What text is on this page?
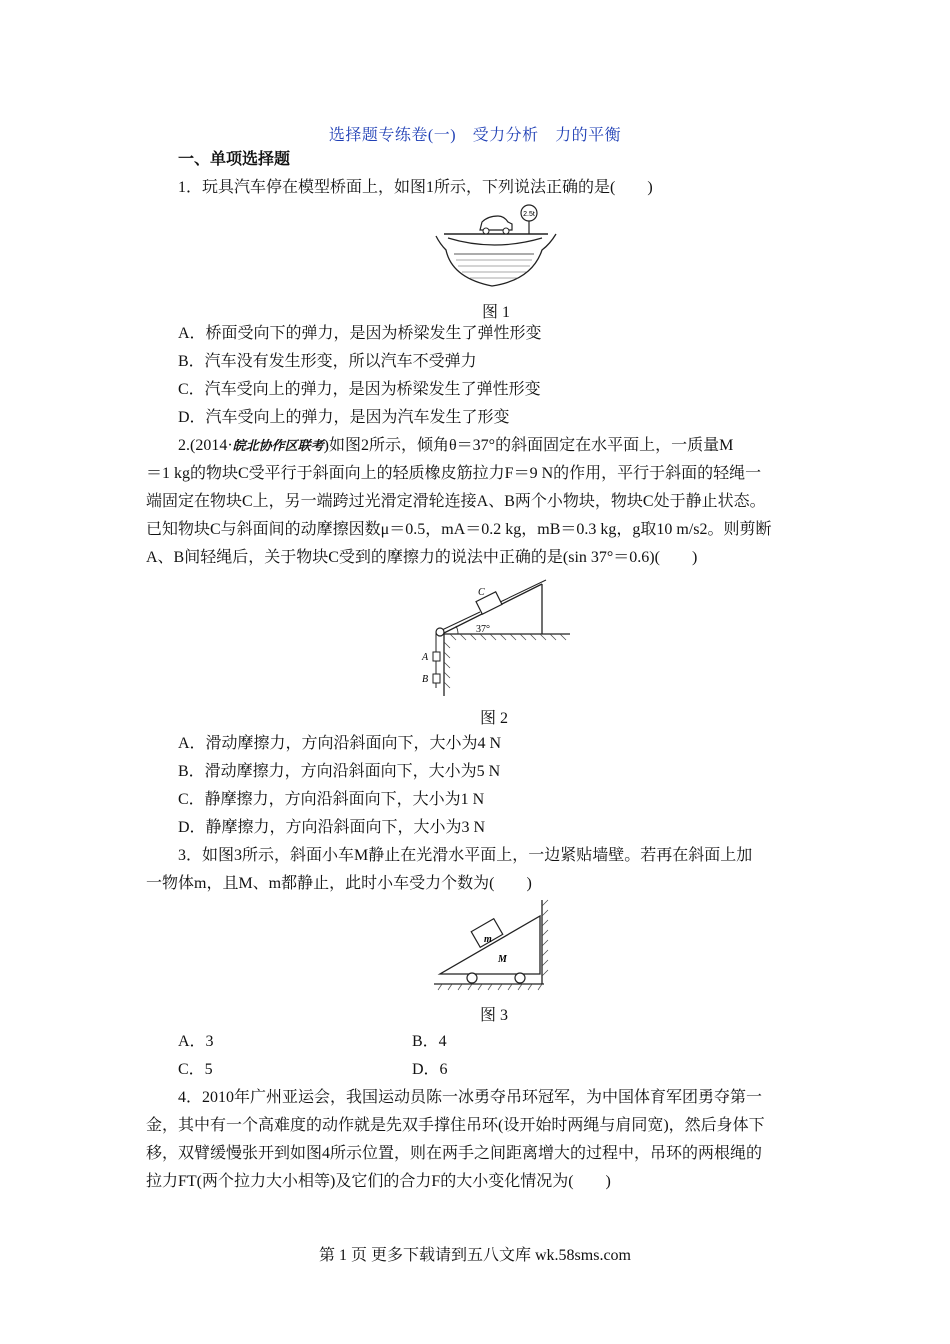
选择题专练卷(一)　受力分析　力的平衡
一、单项选择题
1．玩具汽车停在模型桥面上，如图1所示，下列说法正确的是(　　)
2.5t
图 1
A．桥面受向下的弹力，是因为桥梁发生了弹性形变
B．汽车没有发生形变，所以汽车不受弹力
C．汽车受向上的弹力，是因为桥梁发生了弹性形变
D．汽车受向上的弹力，是因为汽车发生了形变
2.(2014·皖北协作区联考)如图2所示，倾角θ＝37°的斜面固定在水平面上，一质量M
＝1 kg的物块C受平行于斜面向上的轻质橡皮筋拉力F＝9 N的作用，平行于斜面的轻绳一
端固定在物块C上，另一端跨过光滑定滑轮连接A、B两个小物块，物块C处于静止状态。
已知物块C与斜面间的动摩擦因数μ＝0.5，mA＝0.2 kg，mB＝0.3 kg，g取10 m/s2。则剪断
A、B间轻绳后，关于物块C受到的摩擦力的说法中正确的是(sin 37°＝0.6)(　　)
C
37°
A
B
图 2
A．滑动摩擦力，方向沿斜面向下，大小为4 N
B．滑动摩擦力，方向沿斜面向下，大小为5 N
C．静摩擦力，方向沿斜面向下，大小为1 N
D．静摩擦力，方向沿斜面向下，大小为3 N
3．如图3所示，斜面小车M静止在光滑水平面上，一边紧贴墙壁。若再在斜面上加
一物体m，且M、m都静止，此时小车受力个数为(　　)
m
M
图 3
A．3	B．4
C．5	D．6
4．2010年广州亚运会，我国运动员陈一冰勇夺吊环冠军，为中国体育军团勇夺第一
金，其中有一个高难度的动作就是先双手撑住吊环(设开始时两绳与肩同宽)，然后身体下
移，双臂缓慢张开到如图4所示位置，则在两手之间距离增大的过程中，吊环的两根绳的
拉力FT(两个拉力大小相等)及它们的合力F的大小变化情况为(　　)
第 1 页 更多下载请到五八文库 wk.58sms.com
